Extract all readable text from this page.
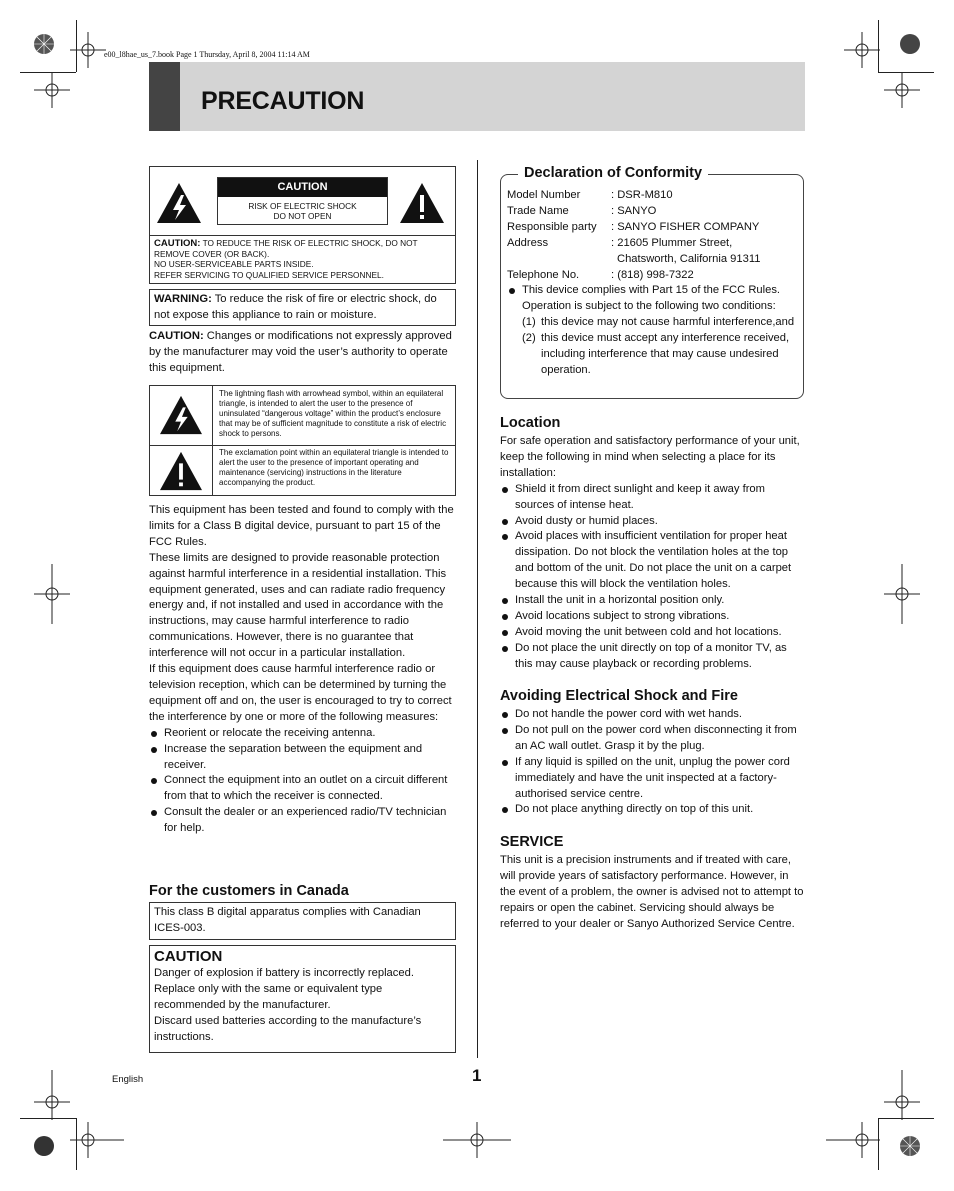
e00_l8hae_us_7.book Page 1 Thursday, April 8, 2004 11:14 AM
PRECAUTION
CAUTION
RISK OF ELECTRIC SHOCK
DO NOT OPEN
CAUTION: TO REDUCE THE RISK OF ELECTRIC SHOCK, DO NOT REMOVE COVER (OR BACK).
NO USER-SERVICEABLE PARTS INSIDE.
REFER SERVICING TO QUALIFIED SERVICE PERSONNEL.

WARNING: To reduce the risk of fire or electric shock, do not expose this appliance to rain or moisture.

CAUTION: Changes or modifications not expressly approved by the manufacturer may void the user’s authority to operate this equipment.

The lightning flash with arrowhead symbol, within an equilateral triangle, is intended to alert the user to the presence of uninsulated “dangerous voltage” within the product’s enclosure that may be of sufficient magnitude to constitute a risk of electric shock to persons.
The exclamation point within an equilateral triangle is intended to alert the user to the presence of important operating and maintenance (servicing) instructions in the literature accompanying the product.

This equipment has been tested and found to comply with the limits for a Class B digital device, pursuant to part 15 of the FCC Rules.

These limits are designed to provide reasonable protection against harmful interference in a residential installation. This equipment generated, uses and can radiate radio frequency energy and, if not installed and used in accordance with the instructions, may cause harmful interference to radio communications. However, there is no guarantee that interference will not occur in a particular installation.

If this equipment does cause harmful interference radio or television reception, which can be determined by turning the equipment off and on, the user is encouraged to try to correct the interference by one or more of the following measures:

Reorient or relocate the receiving antenna.
Increase the separation between the equipment and receiver.
Connect the equipment into an outlet on a circuit different from that to which the receiver is connected.
Consult the dealer or an experienced radio/TV technician for help.
For the customers in Canada

This class B digital apparatus complies with Canadian ICES-003.

CAUTION

Danger of explosion if battery is incorrectly replaced. Replace only with the same or equivalent type recommended by the manufacturer.

Discard used batteries according to the manufacture’s instructions.

Declaration of Conformity
Model Number	: DSR-M810
Trade Name	: SANYO
Responsible party	: SANYO FISHER COMPANY
Address	: 21605 Plummer Street,
Chatsworth, California 91311
Telephone No.	: (818) 998-7322
This device complies with Part 15 of the FCC Rules. Operation is subject to the following two conditions:
(1) this device may not cause harmful interference,and
(2) this device must accept any interference received, including interference that may cause undesired operation.
Location

For safe operation and satisfactory performance of your unit, keep the following in mind when selecting a place for its installation:

Shield it from direct sunlight and keep it away from sources of intense heat.
Avoid dusty or humid places.
Avoid places with insufficient ventilation for proper heat dissipation. Do not block the ventilation holes at the top and bottom of the unit. Do not place the unit on a carpet because this will block the ventilation holes.
Install the unit in a horizontal position only.
Avoid locations subject to strong vibrations.
Avoid moving the unit between cold and hot locations.
Do not place the unit directly on top of a monitor TV, as this may cause playback or recording problems.
Avoiding Electrical Shock and Fire
Do not handle the power cord with wet hands.
Do not pull on the power cord when disconnecting it from an AC wall outlet. Grasp it by the plug.
If any liquid is spilled on the unit, unplug the power cord immediately and have the unit inspected at a factory-authorised service centre.
Do not place anything directly on top of this unit.
SERVICE

This unit is a precision instruments and if treated with care, will provide years of satisfactory performance. However, in the event of a problem, the owner is advised not to attempt to repairs or open the cabinet. Servicing should always be referred to your dealer or Sanyo Authorized Service Centre.

English	1
